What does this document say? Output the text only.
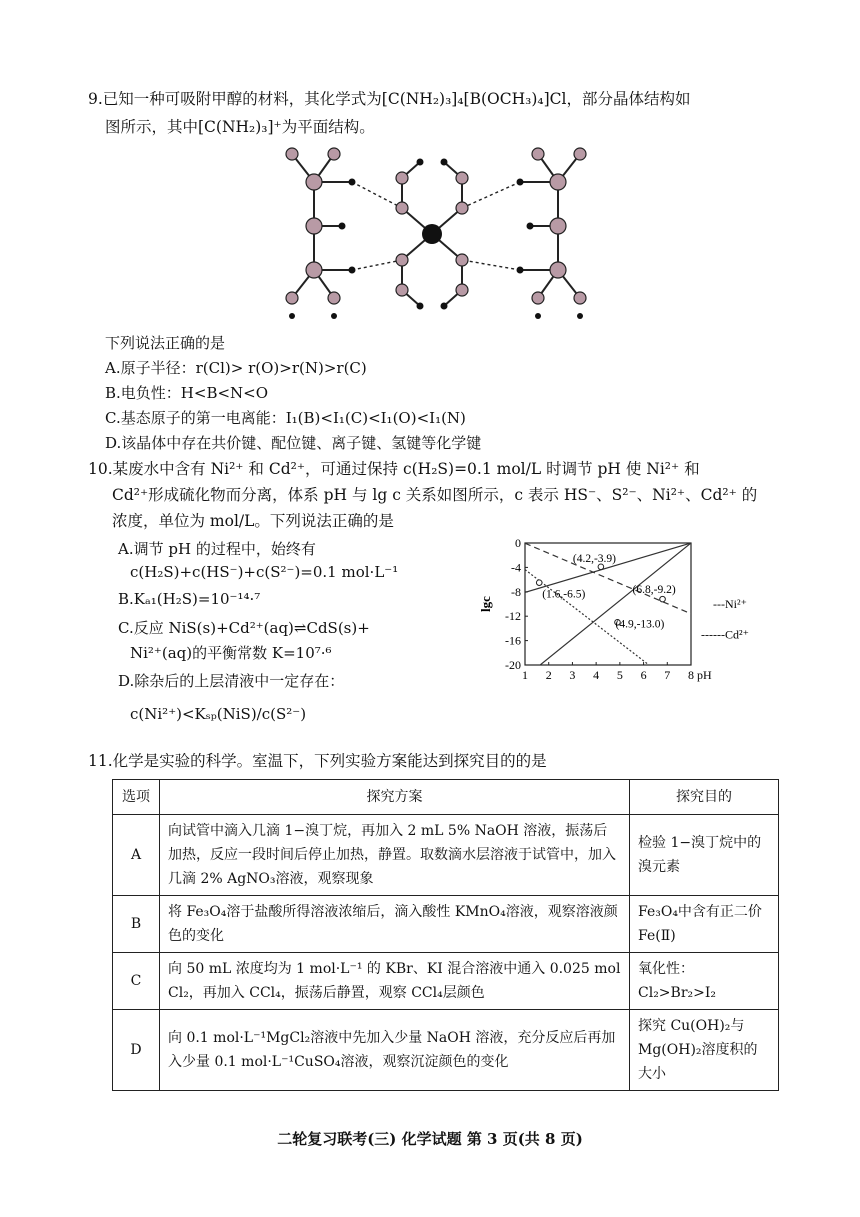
9.已知一种可吸附甲醇的材料，其化学式为[C(NH₂)₃]₄[B(OCH₃)₄]Cl，部分晶体结构如
图所示，其中[C(NH₂)₃]⁺为平面结构。
下列说法正确的是
A.原子半径：r(Cl)> r(O)>r(N)>r(C)
B.电负性：H<B<N<O
C.基态原子的第一电离能：I₁(B)<I₁(C)<I₁(O)<I₁(N)
D.该晶体中存在共价键、配位键、离子键、氢键等化学键
10.某废水中含有 Ni²⁺ 和 Cd²⁺，可通过保持 c(H₂S)=0.1 mol/L 时调节 pH 使 Ni²⁺ 和
Cd²⁺形成硫化物而分离，体系 pH 与 lg c 关系如图所示，c 表示 HS⁻、S²⁻、Ni²⁺、Cd²⁺ 的
浓度，单位为 mol/L。下列说法正确的是
A.调节 pH 的过程中，始终有
c(H₂S)+c(HS⁻)+c(S²⁻)=0.1 mol·L⁻¹
B.Kₐ₁(H₂S)=10⁻¹⁴·⁷
C.反应 NiS(s)+Cd²⁺(aq)⇌CdS(s)+
Ni²⁺(aq)的平衡常数 K=10⁷·⁶
D.除杂后的上层清液中一定存在：
c(Ni²⁺)<Kₛₚ(NiS)/c(S²⁻)
1 2 3 4 5 6 7 8
0
-4
-8
-12
-16
-20
pH
lgc
(4.2,-3.9)
(1.6,-6.5)	(6.8,-9.2)
(4.9,-13.0)
---Ni²⁺
------Cd²⁺
11.化学是实验的科学。室温下，下列实验方案能达到探究目的的是
选项	探究方案	探究目的
A	向试管中滴入几滴 1−溴丁烷，再加入 2 mL 5% NaOH 溶液，振荡后加热，反应一段时间后停止加热，静置。取数滴水层溶液于试管中，加入几滴 2% AgNO₃溶液，观察现象	检验 1−溴丁烷中的溴元素
B	将 Fe₃O₄溶于盐酸所得溶液浓缩后，滴入酸性 KMnO₄溶液，观察溶液颜色的变化	Fe₃O₄中含有正二价 Fe(Ⅱ)
C	向 50 mL 浓度均为 1 mol·L⁻¹ 的 KBr、KI 混合溶液中通入 0.025 mol Cl₂，再加入 CCl₄，振荡后静置，观察 CCl₄层颜色	氧化性：Cl₂>Br₂>I₂
D	向 0.1 mol·L⁻¹MgCl₂溶液中先加入少量 NaOH 溶液，充分反应后再加入少量 0.1 mol·L⁻¹CuSO₄溶液，观察沉淀颜色的变化	探究 Cu(OH)₂与 Mg(OH)₂溶度积的大小
二轮复习联考(三) 化学试题 第 3 页(共 8 页)
